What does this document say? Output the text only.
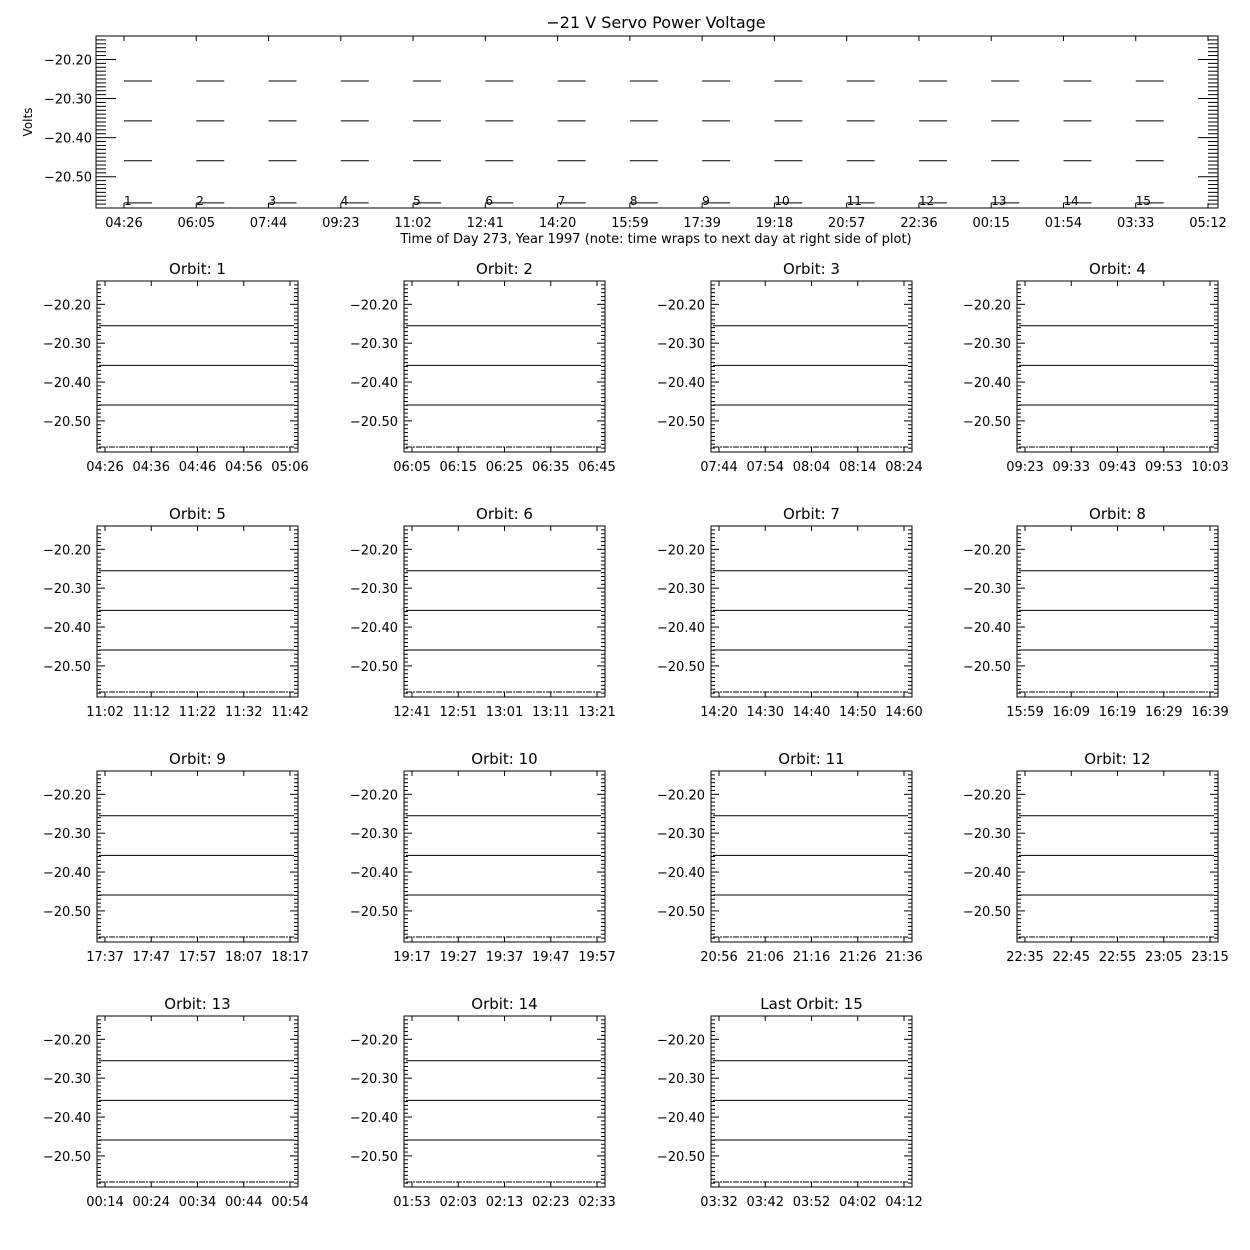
−21 V Servo Power Voltage
Volts
Time of Day 273, Year 1997 (note: time wraps to next day at right side of plot)
−20.20
−20.30
−20.40
−20.50
04:26	06:05	07:44	09:23	11:02	12:41	14:20	15:59	17:39	19:18	20:57	22:36	00:15	01:54	03:33	05:12
1	2	3	4	5	6	7	8	9	10	11	12	13	14	15
Orbit: 1
−20.20
−20.30
−20.40
−20.50
04:26 04:36 04:46 04:56 05:06
Orbit: 2
−20.20
−20.30
−20.40
−20.50
06:05 06:15 06:25 06:35 06:45
Orbit: 3
−20.20
−20.30
−20.40
−20.50
07:44 07:54 08:04 08:14 08:24
Orbit: 4
−20.20
−20.30
−20.40
−20.50
09:23 09:33 09:43 09:53 10:03
Orbit: 5
−20.20
−20.30
−20.40
−20.50
11:02 11:12 11:22 11:32 11:42
Orbit: 6
−20.20
−20.30
−20.40
−20.50
12:41 12:51 13:01 13:11 13:21
Orbit: 7
−20.20
−20.30
−20.40
−20.50
14:20 14:30 14:40 14:50 14:60
Orbit: 8
−20.20
−20.30
−20.40
−20.50
15:59 16:09 16:19 16:29 16:39
Orbit: 9
−20.20
−20.30
−20.40
−20.50
17:37 17:47 17:57 18:07 18:17
Orbit: 10
−20.20
−20.30
−20.40
−20.50
19:17 19:27 19:37 19:47 19:57
Orbit: 11
−20.20
−20.30
−20.40
−20.50
20:56 21:06 21:16 21:26 21:36
Orbit: 12
−20.20
−20.30
−20.40
−20.50
22:35 22:45 22:55 23:05 23:15
Orbit: 13
−20.20
−20.30
−20.40
−20.50
00:14 00:24 00:34 00:44 00:54
Orbit: 14
−20.20
−20.30
−20.40
−20.50
01:53 02:03 02:13 02:23 02:33
Last Orbit: 15
−20.20
−20.30
−20.40
−20.50
03:32 03:42 03:52 04:02 04:12
